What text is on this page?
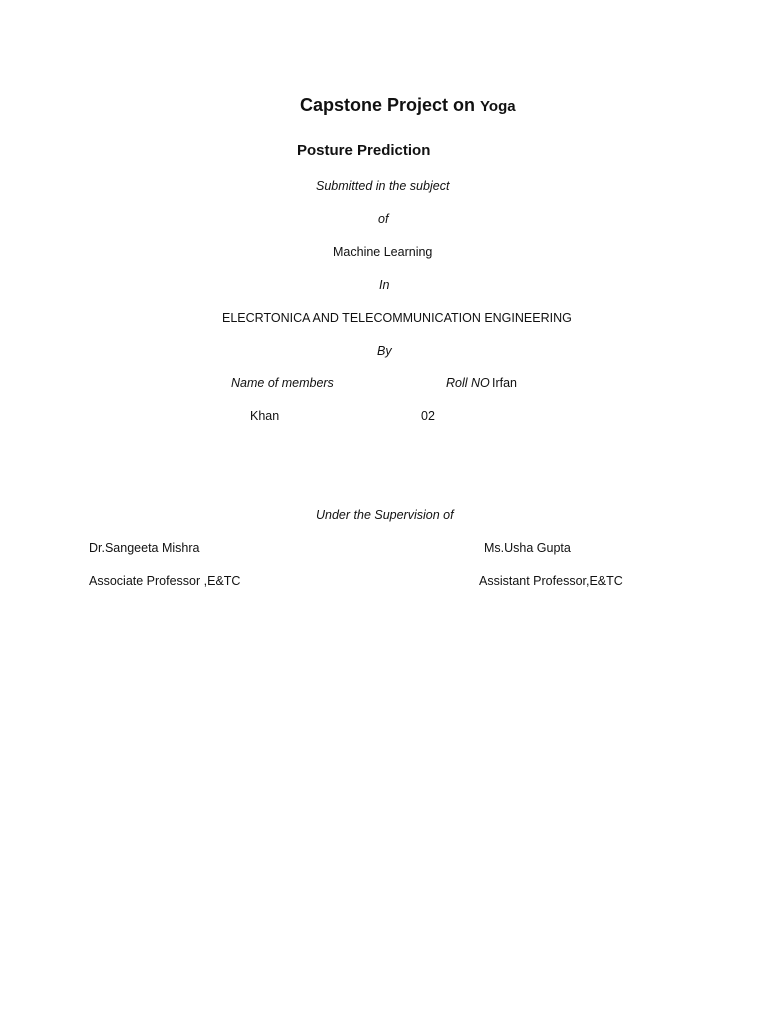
Capstone Project on Yoga
Posture Prediction
Submitted in the subject
of
Machine Learning
In
ELECRTONICA AND TELECOMMUNICATION ENGINEERING
By
Name of members	Roll NO Irfan
Khan	02
Under the Supervision of
Dr.Sangeeta Mishra	Ms.Usha Gupta
Associate Professor ,E&TC	Assistant Professor,E&TC
